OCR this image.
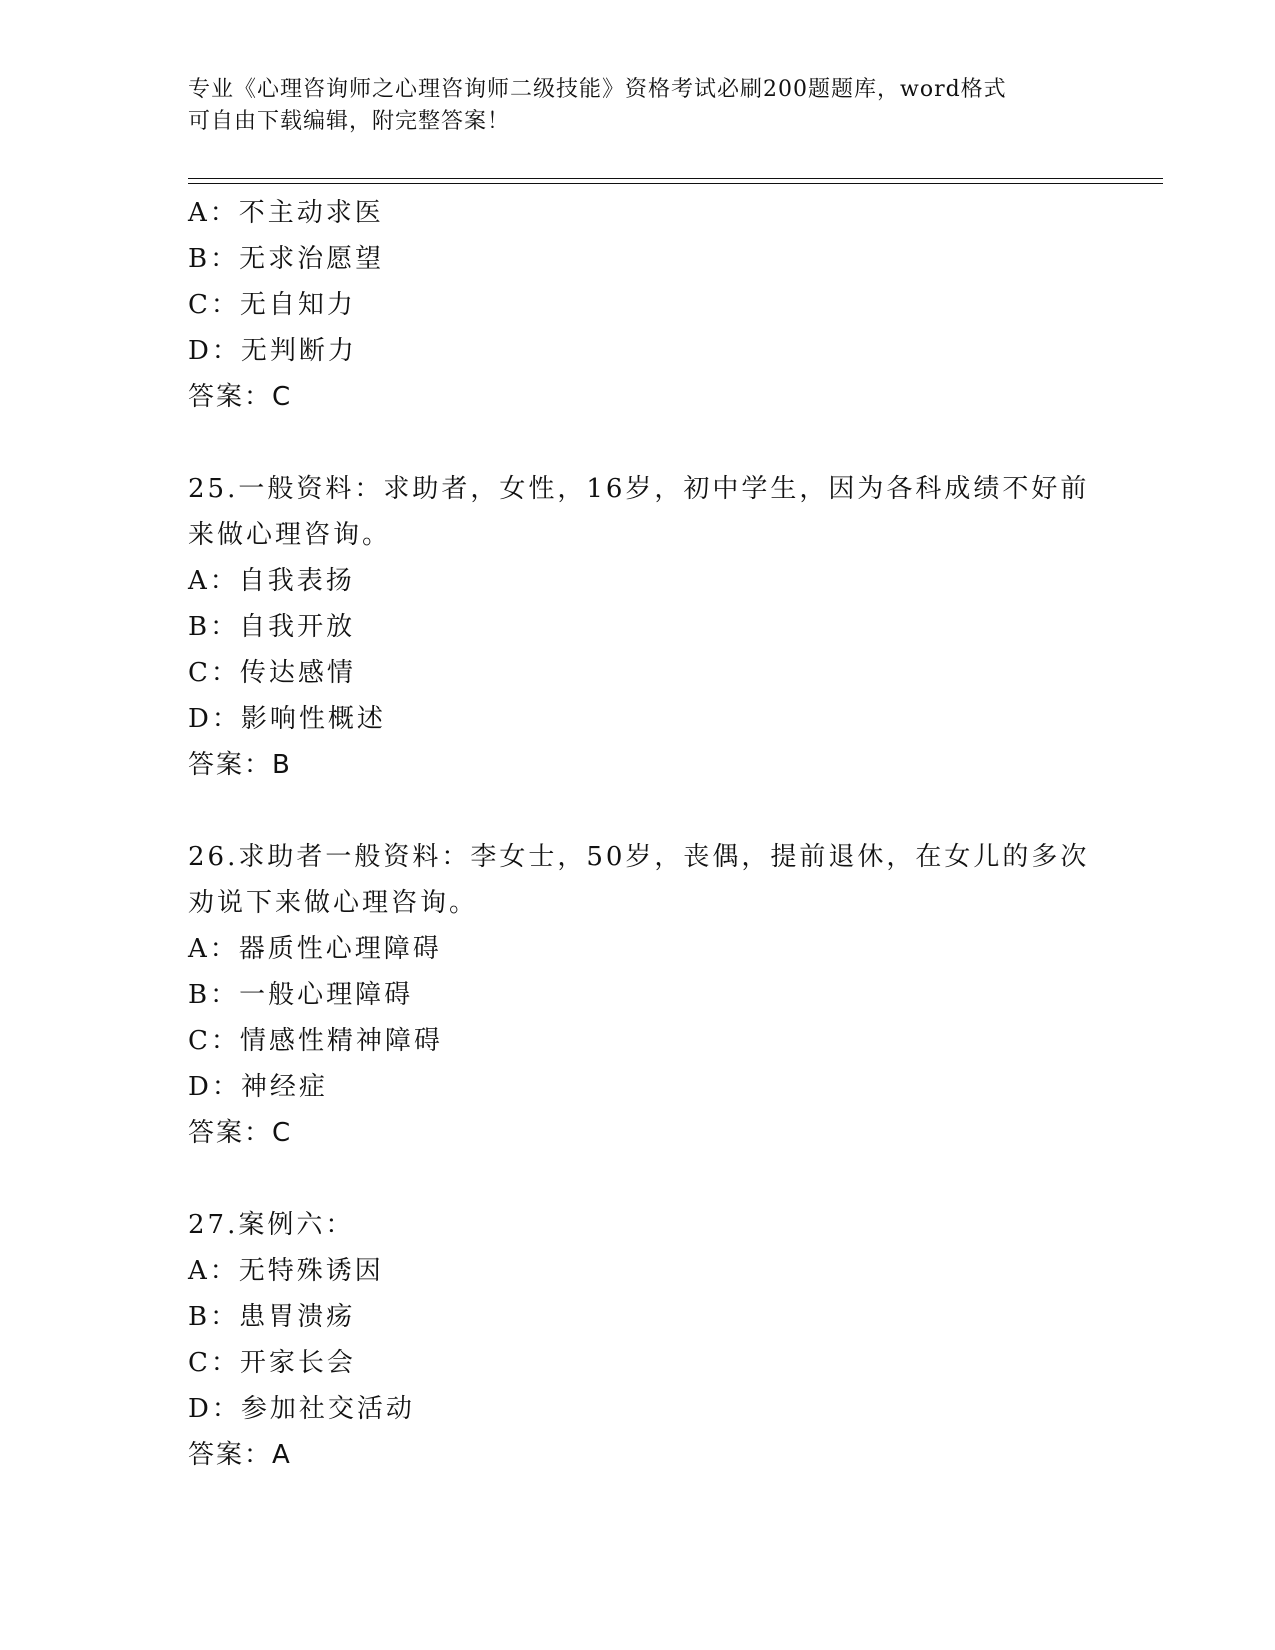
专业《心理咨询师之心理咨询师二级技能》资格考试必刷200题题库，word格式
可自由下载编辑，附完整答案！
A：不主动求医
B：无求治愿望
C：无自知力
D：无判断力
答案：C
25.一般资料：求助者，女性，16岁，初中学生，因为各科成绩不好前
来做心理咨询。
A：自我表扬
B：自我开放
C：传达感情
D：影响性概述
答案：B
26.求助者一般资料：李女士，50岁，丧偶，提前退休，在女儿的多次
劝说下来做心理咨询。
A：器质性心理障碍
B：一般心理障碍
C：情感性精神障碍
D：神经症
答案：C
27.案例六：
A：无特殊诱因
B：患胃溃疡
C：开家长会
D：参加社交活动
答案：A
